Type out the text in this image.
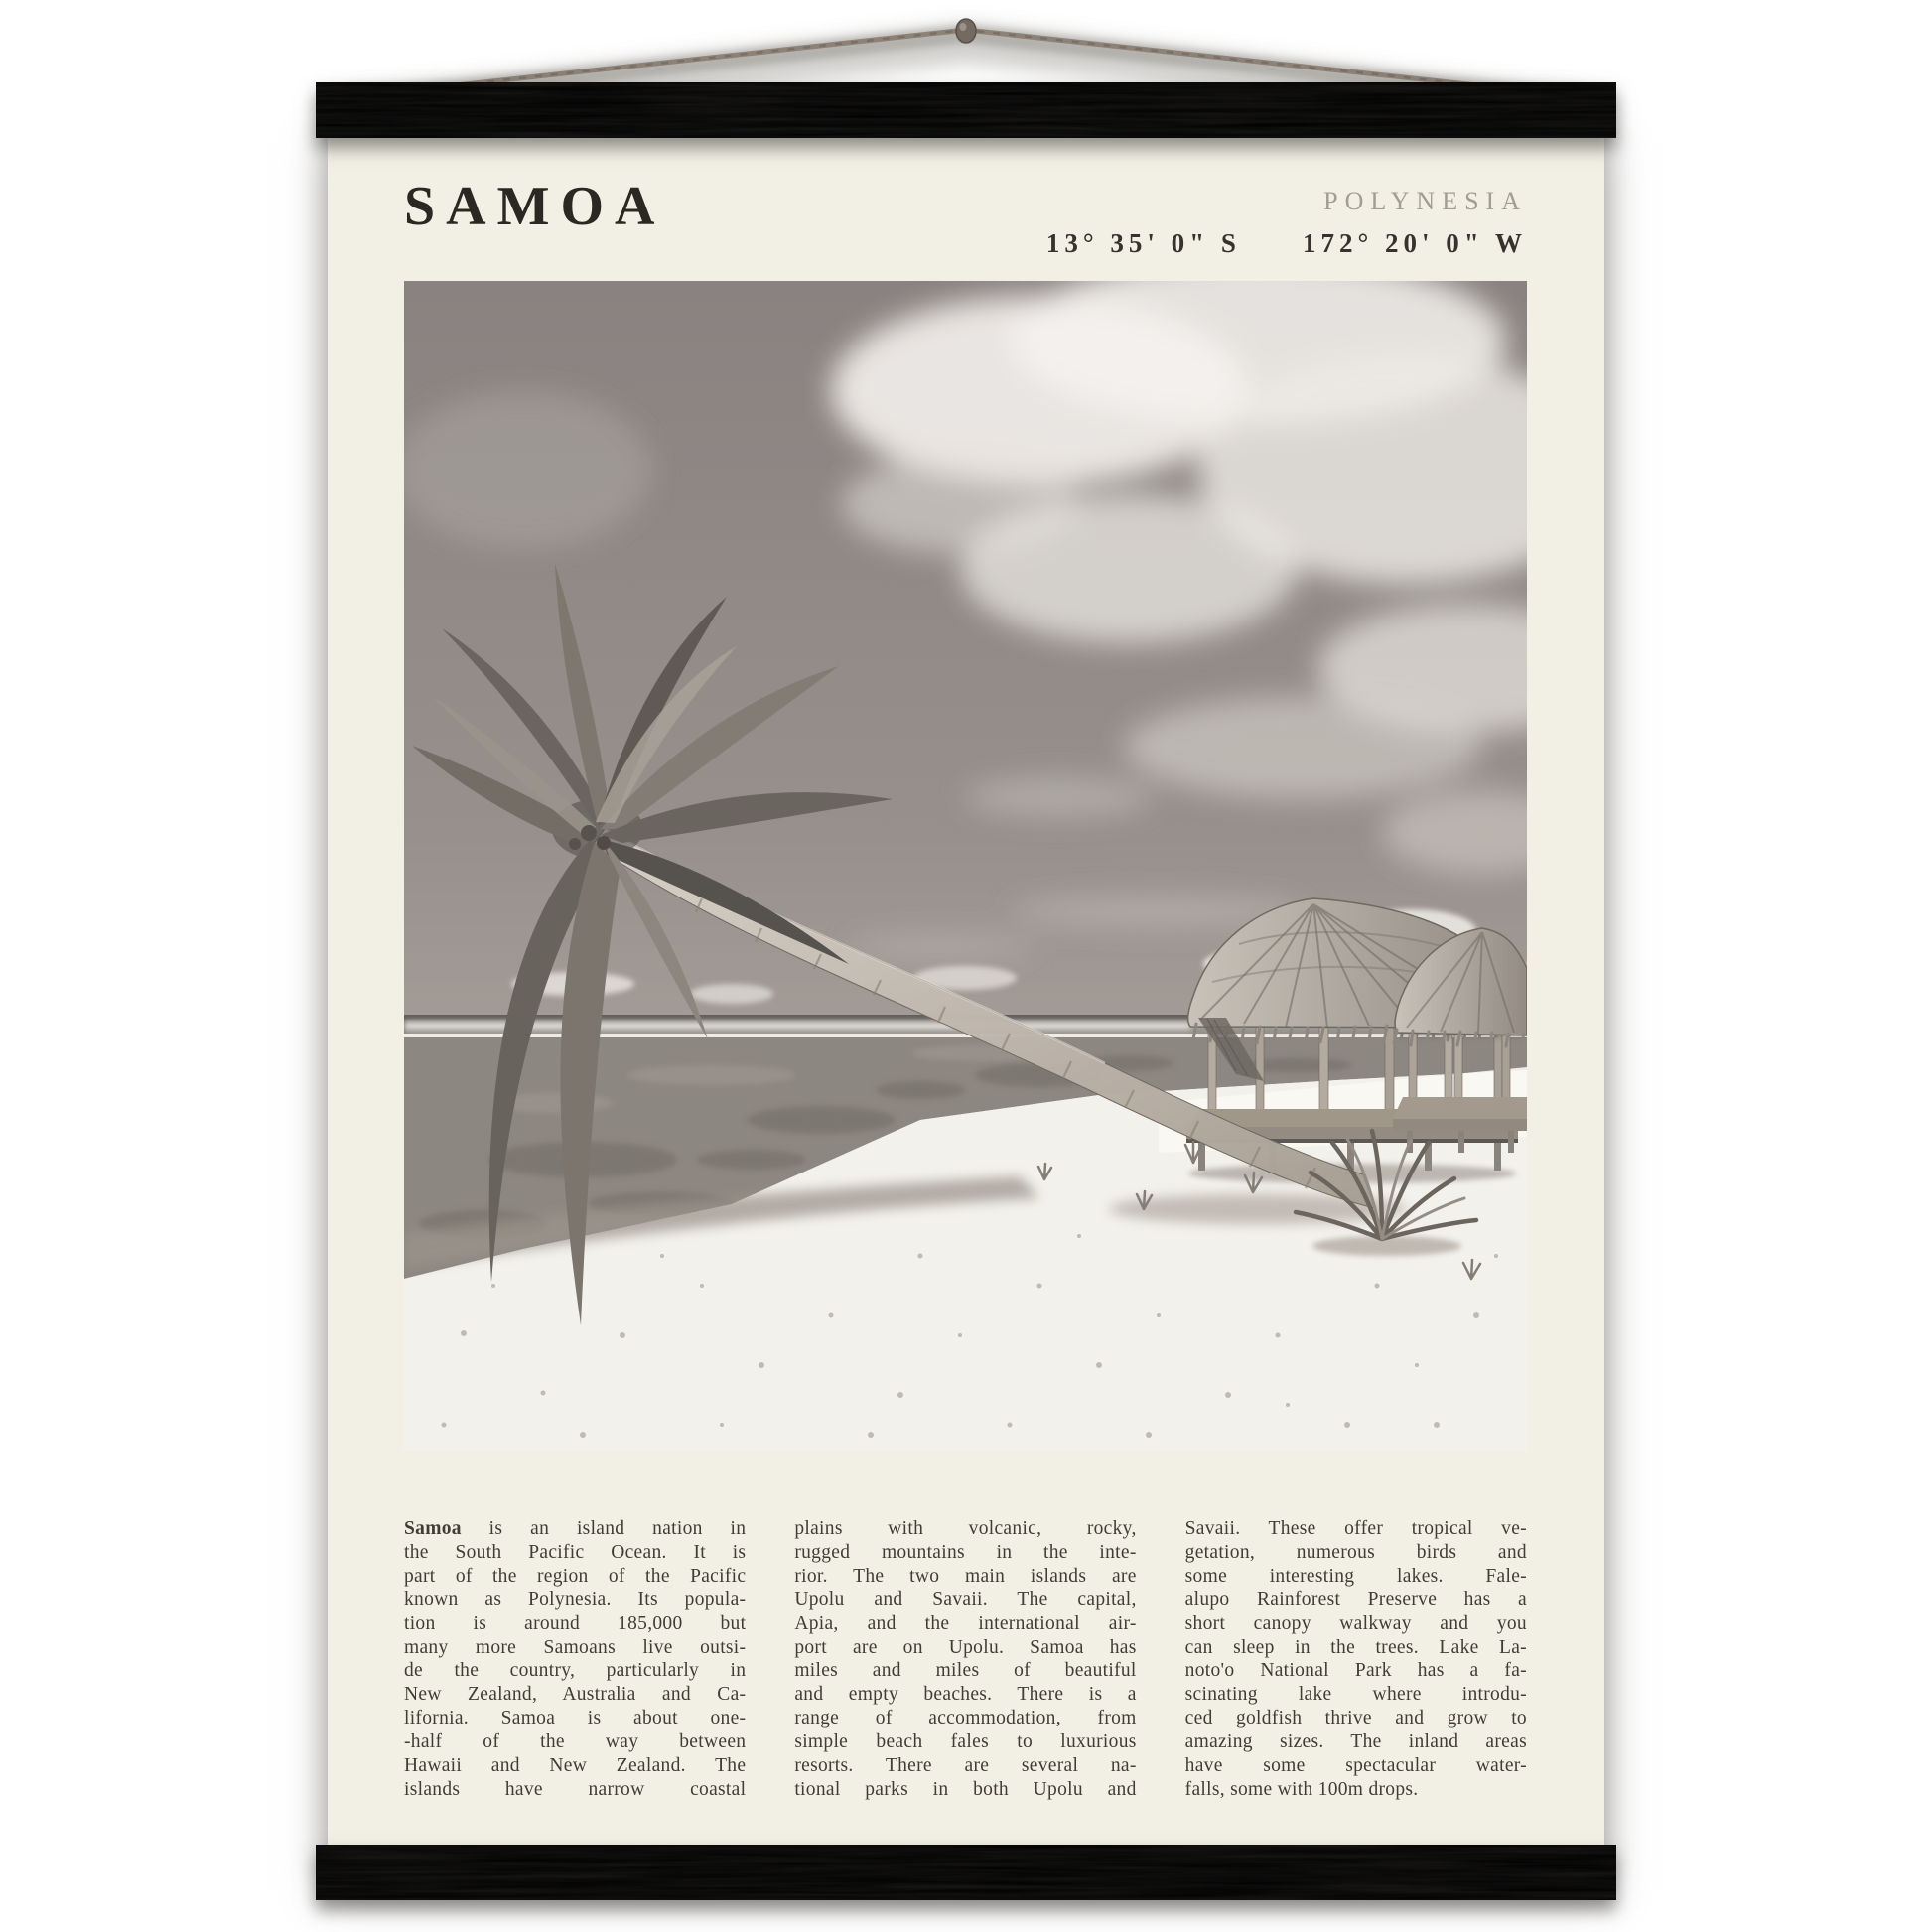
SAMOA	POLYNESIA
13° 35' 0" S 172° 20' 0" W
Samoa is an island nation in
the South Pacific Ocean. It is
part of the region of the Pacific
known as Polynesia. Its popula-
tion is around 185,000 but
many more Samoans live outsi-
de the country, particularly in
New Zealand, Australia and Ca-
lifornia. Samoa is about one-
-half of the way between
Hawaii and New Zealand. The
islands have narrow coastal
plains with volcanic, rocky,
rugged mountains in the inte-
rior. The two main islands are
Upolu and Savaii. The capital,
Apia, and the international air-
port are on Upolu. Samoa has
miles and miles of beautiful
and empty beaches. There is a
range of accommodation, from
simple beach fales to luxurious
resorts. There are several na-
tional parks in both Upolu and
Savaii. These offer tropical ve-
getation, numerous birds and
some interesting lakes. Fale-
alupo Rainforest Preserve has a
short canopy walkway and you
can sleep in the trees. Lake La-
noto'o National Park has a fa-
scinating lake where introdu-
ced goldfish thrive and grow to
amazing sizes. The inland areas
have some spectacular water-
falls, some with 100m drops.
